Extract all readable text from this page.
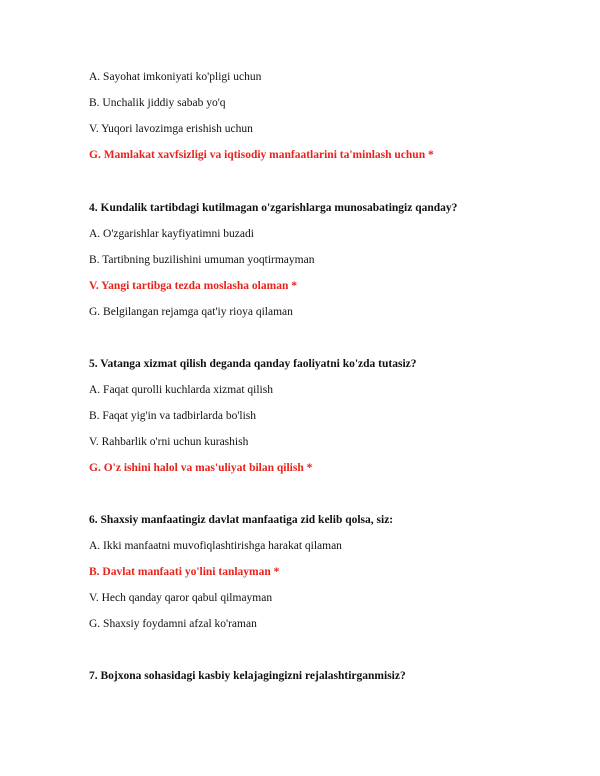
A. Sayohat imkoniyati ko'pligi uchun
B. Unchalik jiddiy sabab yo'q
V. Yuqori lavozimga erishish uchun
G. Mamlakat xavfsizligi va iqtisodiy manfaatlarini ta'minlash uchun *
4. Kundalik tartibdagi kutilmagan o'zgarishlarga munosabatingiz qanday?
A. O'zgarishlar kayfiyatimni buzadi
B. Tartibning buzilishini umuman yoqtirmayman
V. Yangi tartibga tezda moslasha olaman *
G. Belgilangan rejamga qat'iy rioya qilaman
5. Vatanga xizmat qilish deganda qanday faoliyatni ko'zda tutasiz?
A. Faqat qurolli kuchlarda xizmat qilish
B. Faqat yig'in va tadbirlarda bo'lish
V. Rahbarlik o'rni uchun kurashish
G. O'z ishini halol va mas'uliyat bilan qilish *
6. Shaxsiy manfaatingiz davlat manfaatiga zid kelib qolsa, siz:
A. Ikki manfaatni muvofiqlashtirishga harakat qilaman
B. Davlat manfaati yo'lini tanlayman *
V. Hech qanday qaror qabul qilmayman
G. Shaxsiy foydamni afzal ko'raman
7. Bojxona sohasidagi kasbiy kelajagingizni rejalashtirganmisiz?
